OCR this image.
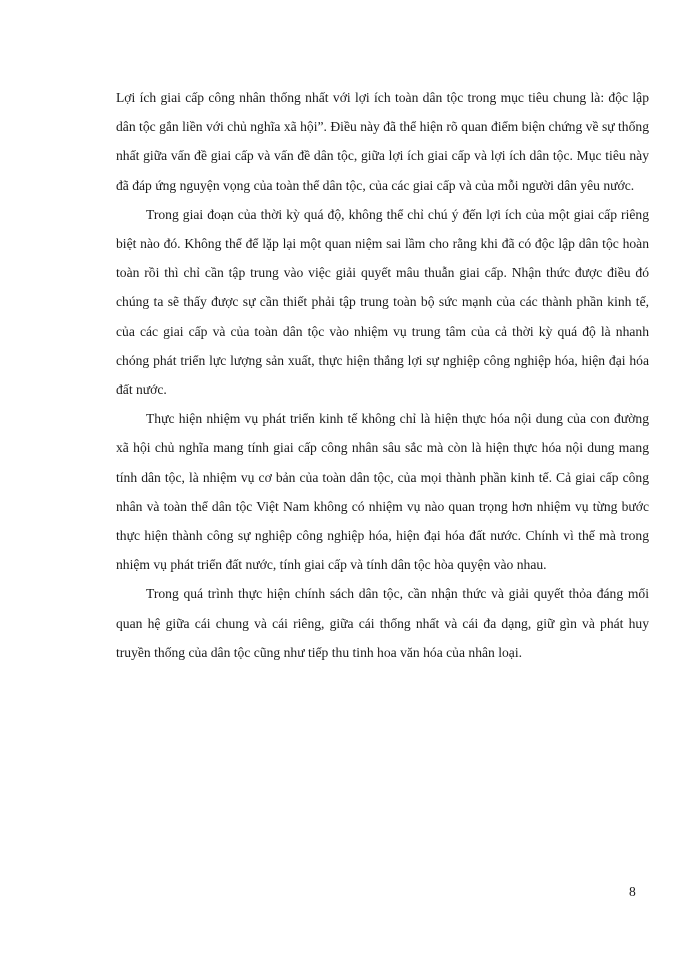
Lợi ích giai cấp công nhân thống nhất với lợi ích toàn dân tộc trong mục tiêu chung là: độc lập dân tộc gắn liền với chủ nghĩa xã hội”. Điều này đã thể hiện rõ quan điểm biện chứng về sự thống nhất giữa vấn đề giai cấp và vấn đề dân tộc, giữa lợi ích giai cấp và lợi ích dân tộc. Mục tiêu này đã đáp ứng nguyện vọng của toàn thể dân tộc, của các giai cấp và của mỗi người dân yêu nước.

Trong giai đoạn của thời kỳ quá độ, không thể chỉ chú ý đến lợi ích của một giai cấp riêng biệt nào đó. Không thể để lặp lại một quan niệm sai lầm cho rằng khi đã có độc lập dân tộc hoàn toàn rồi thì chỉ cần tập trung vào việc giải quyết mâu thuẫn giai cấp. Nhận thức được điều đó chúng ta sẽ thấy được sự cần thiết phải tập trung toàn bộ sức mạnh của các thành phần kinh tế, của các giai cấp và của toàn dân tộc vào nhiệm vụ trung tâm của cả thời kỳ quá độ là nhanh chóng phát triển lực lượng sản xuất, thực hiện thắng lợi sự nghiệp công nghiệp hóa, hiện đại hóa đất nước.

Thực hiện nhiệm vụ phát triển kinh tế không chỉ là hiện thực hóa nội dung của con đường xã hội chủ nghĩa mang tính giai cấp công nhân sâu sắc mà còn là hiện thực hóa nội dung mang tính dân tộc, là nhiệm vụ cơ bản của toàn dân tộc, của mọi thành phần kinh tế. Cả giai cấp công nhân và toàn thể dân tộc Việt Nam không có nhiệm vụ nào quan trọng hơn nhiệm vụ từng bước thực hiện thành công sự nghiệp công nghiệp hóa, hiện đại hóa đất nước. Chính vì thế mà trong nhiệm vụ phát triển đất nước, tính giai cấp và tính dân tộc hòa quyện vào nhau.

Trong quá trình thực hiện chính sách dân tộc, cần nhận thức và giải quyết thỏa đáng mối quan hệ giữa cái chung và cái riêng, giữa cái thống nhất và cái đa dạng, giữ gìn và phát huy truyền thống của dân tộc cũng như tiếp thu tinh hoa văn hóa của nhân loại.

8
